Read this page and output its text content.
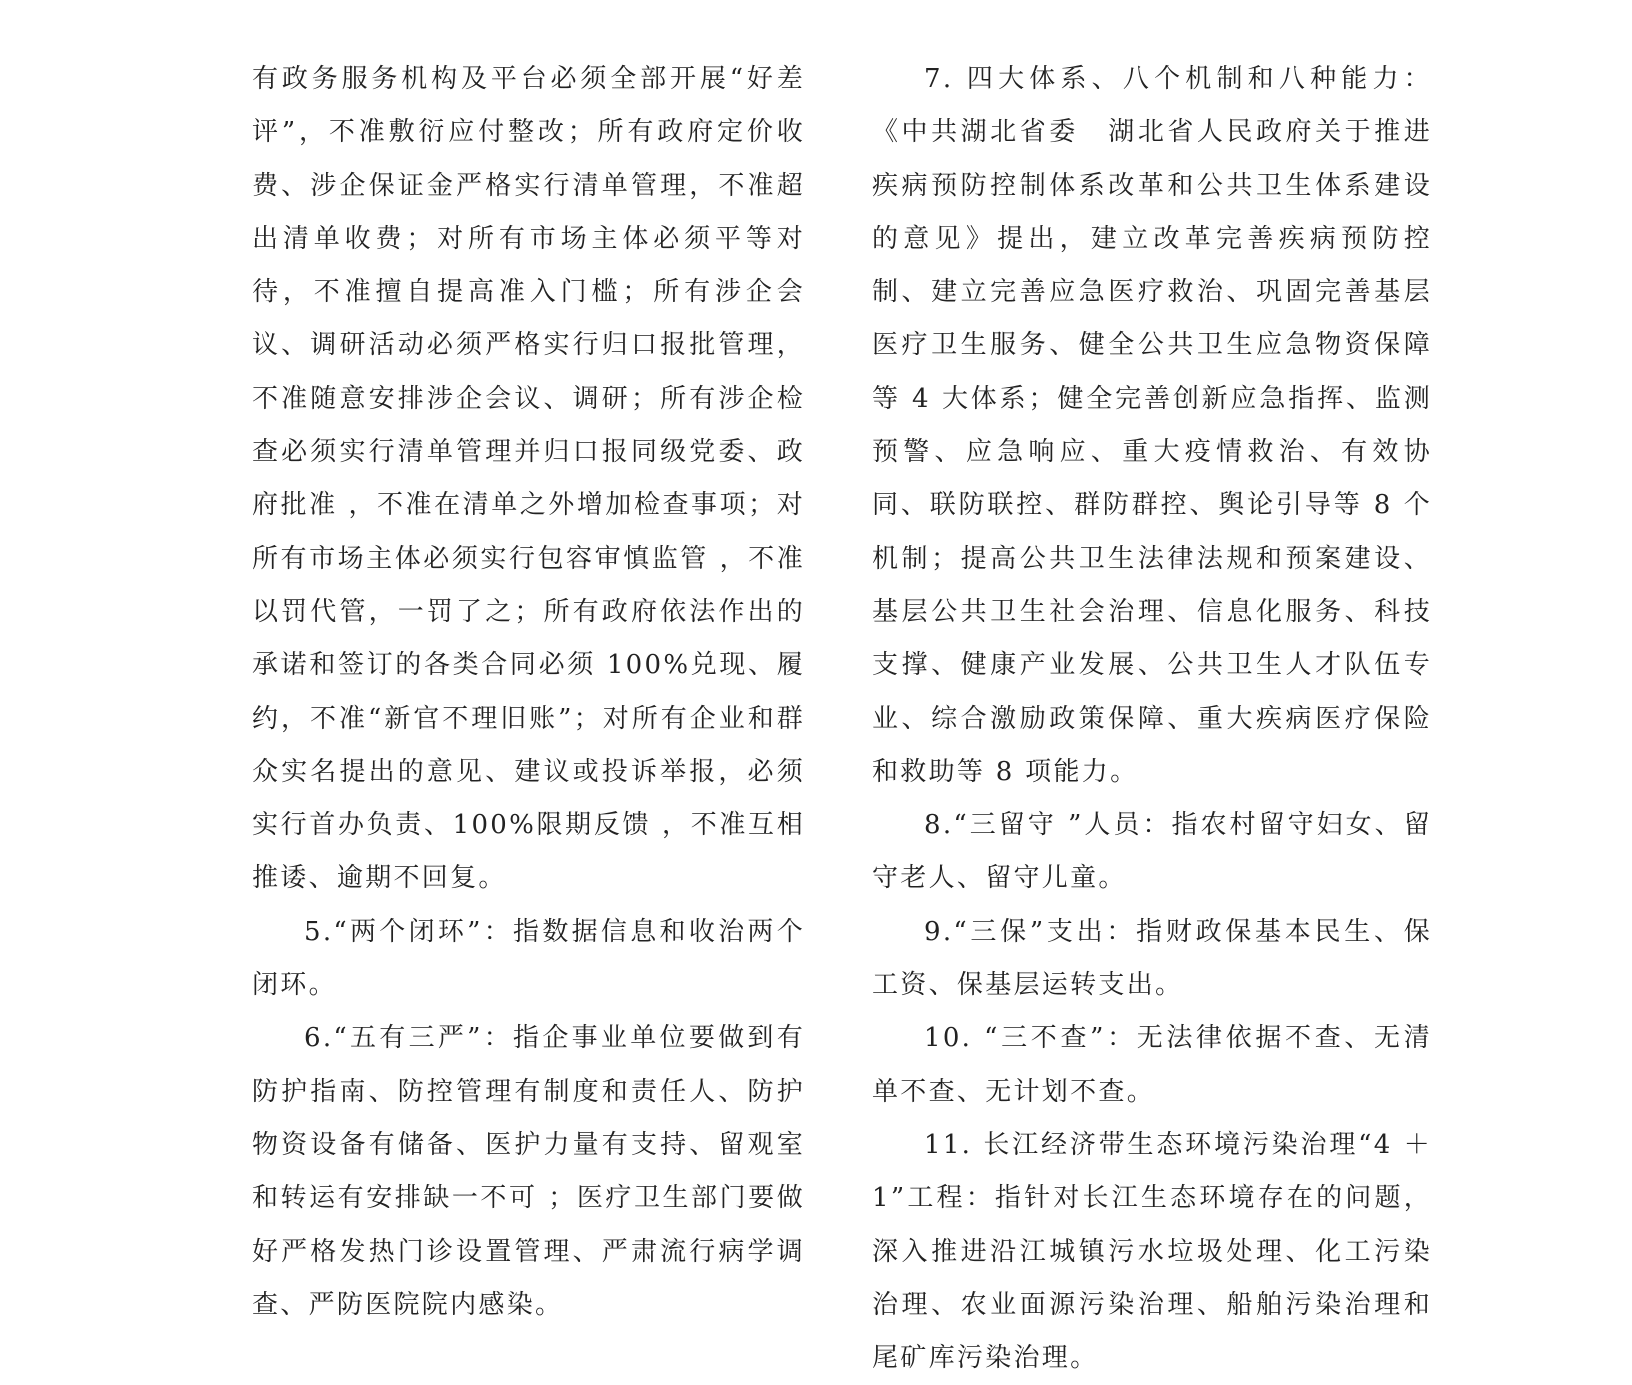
有政务服务机构及平台必须全部开展“好差评”，不准敷衍应付整改；所有政府定价收费、涉企保证金严格实行清单管理，不准超出清单收费；对所有市场主体必须平等对待，不准擅自提高准入门槛；所有涉企会议、调研活动必须严格实行归口报批管理，不准随意安排涉企会议、调研；所有涉企检查必须实行清单管理并归口报同级党委、政府批准 ，不准在清单之外增加检查事项；对所有市场主体必须实行包容审慎监管 ，不准以罚代管，一罚了之；所有政府依法作出的承诺和签订的各类合同必须 100%兑现、履约，不准“新官不理旧账”；对所有企业和群众实名提出的意见、建议或投诉举报，必须实行首办负责、100%限期反馈 ，不准互相推诿、逾期不回复。

5.“两个闭环”：指数据信息和收治两个闭环。

6.“五有三严”：指企事业单位要做到有防护指南、防控管理有制度和责任人、防护物资设备有储备、医护力量有支持、留观室和转运有安排缺一不可 ；医疗卫生部门要做好严格发热门诊设置管理、严肃流行病学调查、严防医院院内感染。

7. 四大体系、八个机制和八种能力：《中共湖北省委　湖北省人民政府关于推进疾病预防控制体系改革和公共卫生体系建设的意见》提出，建立改革完善疾病预防控制、建立完善应急医疗救治、巩固完善基层医疗卫生服务、健全公共卫生应急物资保障等 4 大体系；健全完善创新应急指挥、监测预警、应急响应、重大疫情救治、有效协同、联防联控、群防群控、舆论引导等 8 个机制；提高公共卫生法律法规和预案建设、基层公共卫生社会治理、信息化服务、科技支撑、健康产业发展、公共卫生人才队伍专业、综合激励政策保障、重大疾病医疗保险和救助等 8 项能力。

8.“三留守 ”人员：指农村留守妇女、留守老人、留守儿童。

9.“三保”支出：指财政保基本民生、保工资、保基层运转支出。

10. “三不查”：无法律依据不查、无清单不查、无计划不查。

11. 长江经济带生态环境污染治理“4 ＋ 1”工程：指针对长江生态环境存在的问题，深入推进沿江城镇污水垃圾处理、化工污染治理、农业面源污染治理、船舶污染治理和尾矿库污染治理。
